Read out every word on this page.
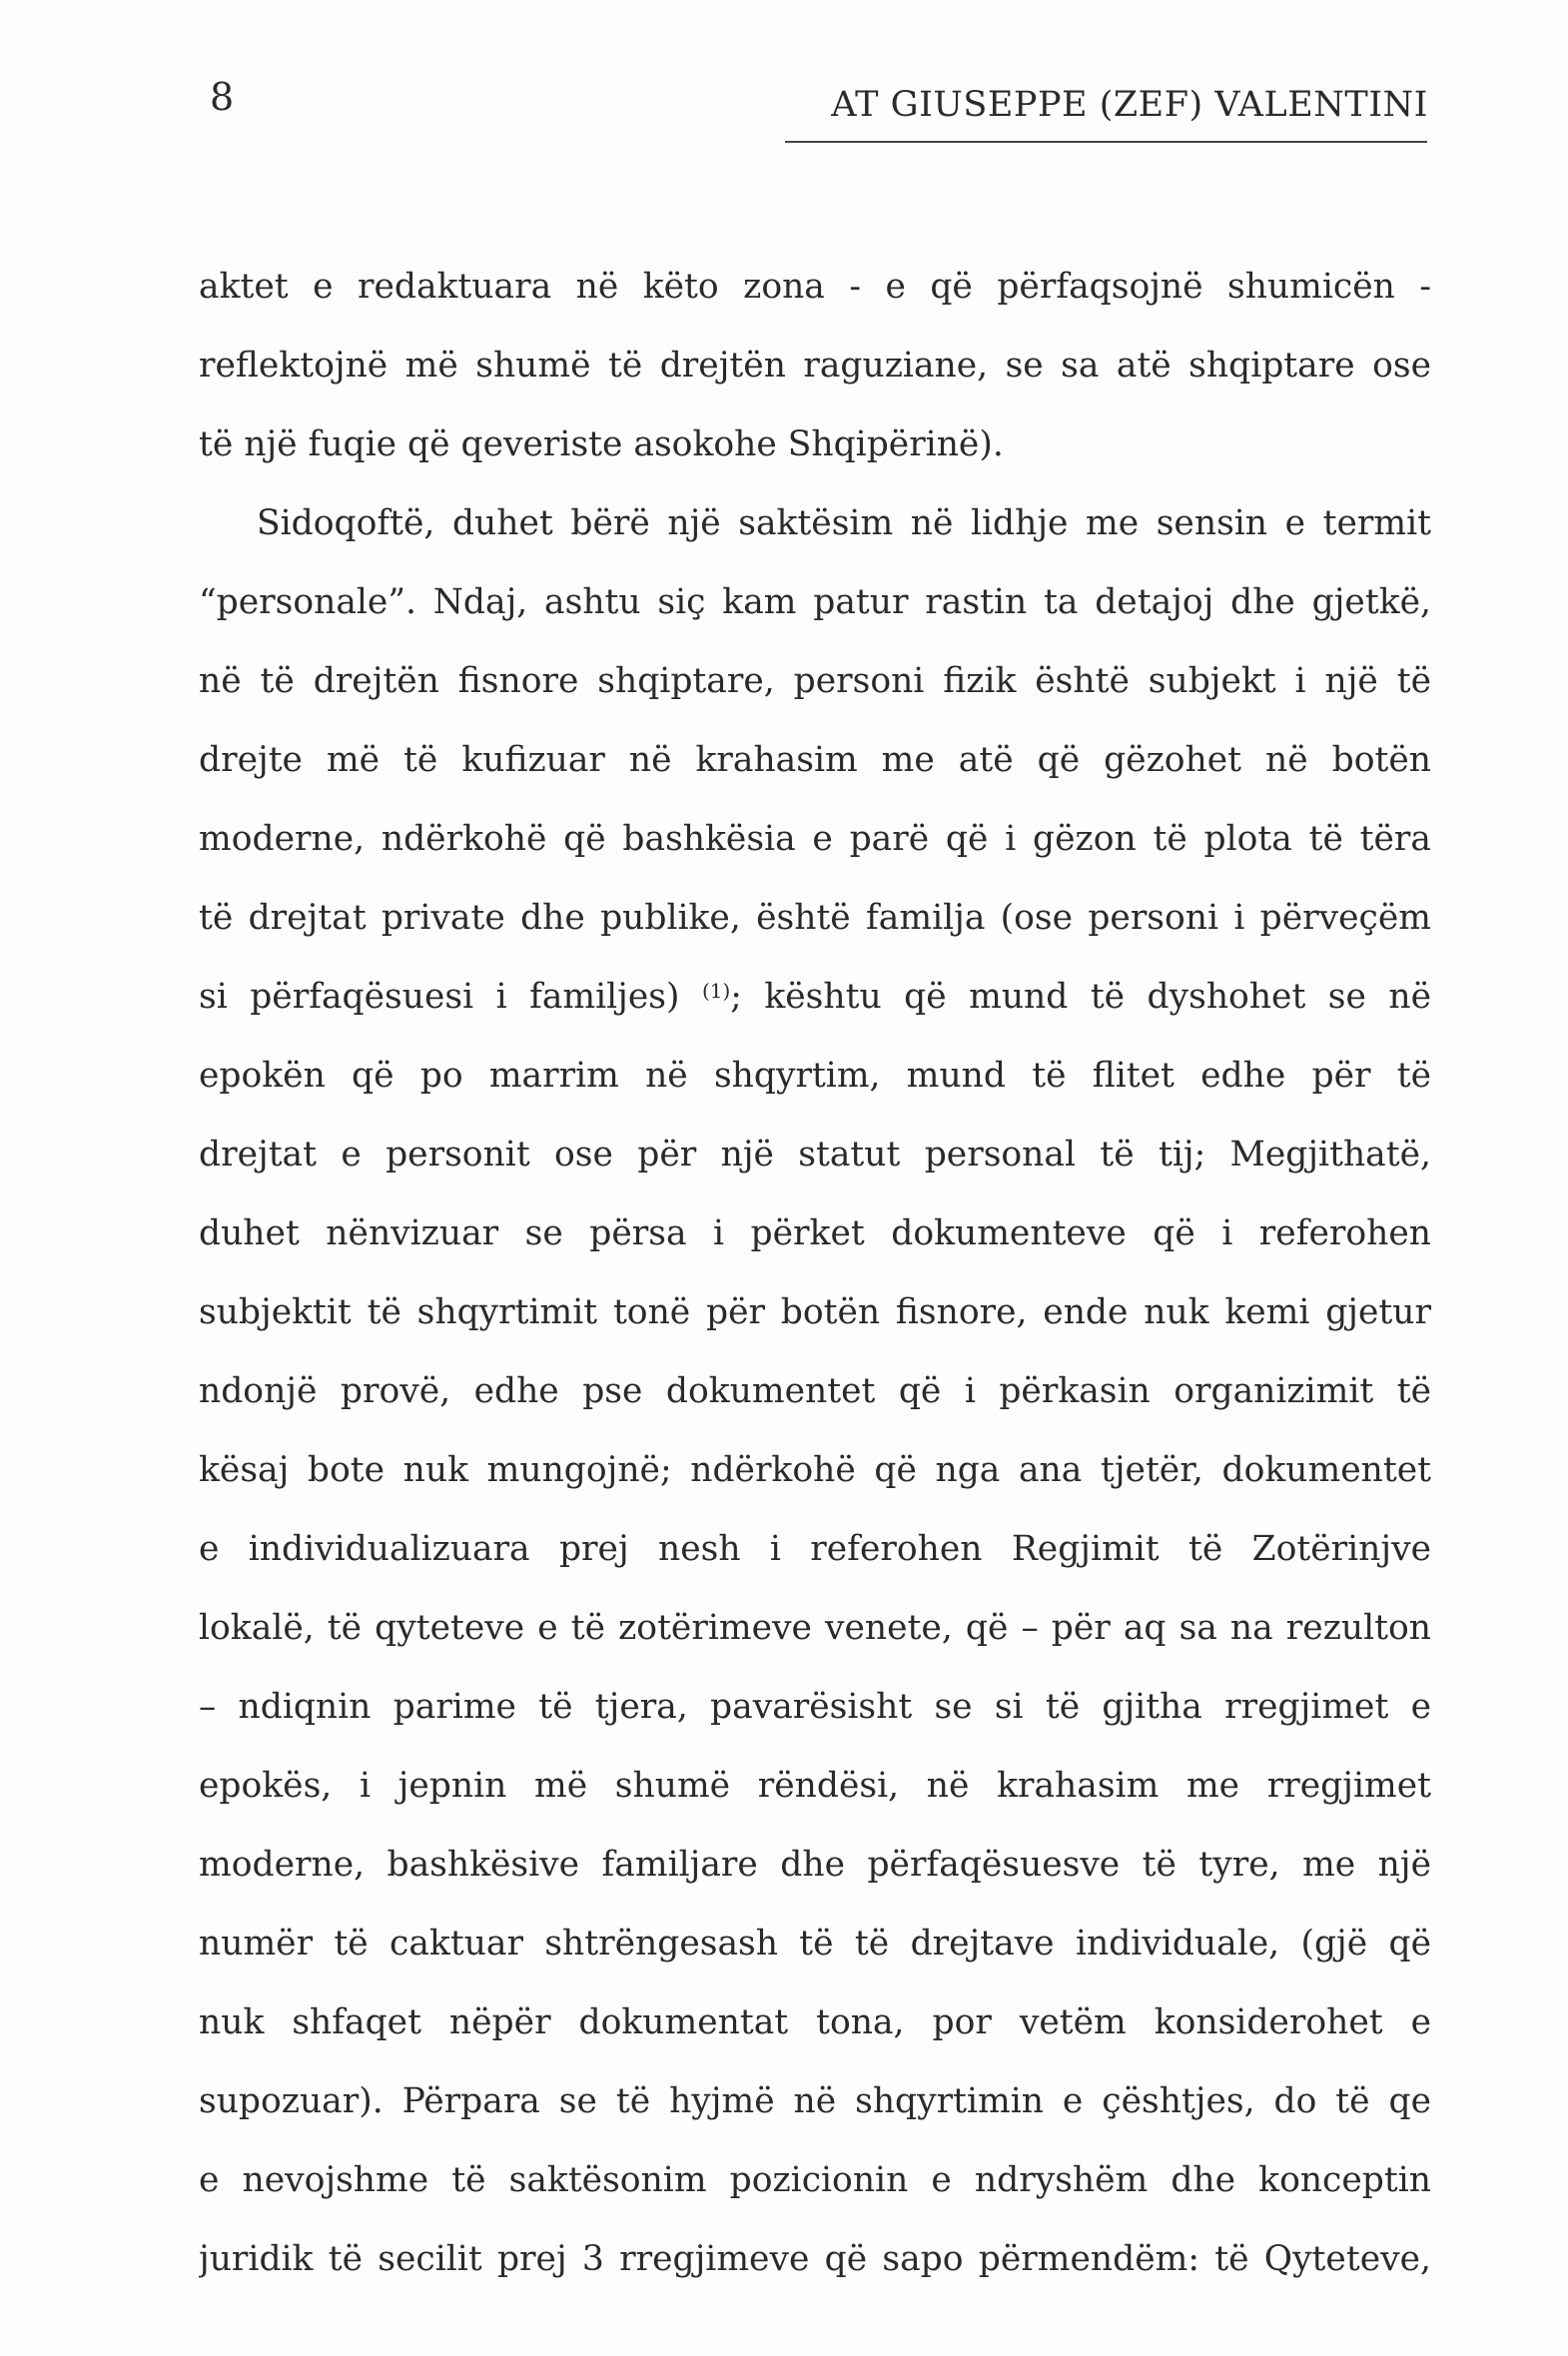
8	AT GIUSEPPE (ZEF) VALENTINI
aktet e redaktuara në këto zona - e që përfaqsojnë shumicën -
reflektojnë më shumë të drejtën raguziane, se sa atë shqiptare ose
të një fuqie që qeveriste asokohe Shqipërinë).
Sidoqoftë, duhet bërë një saktësim në lidhje me sensin e termit
“personale”. Ndaj, ashtu siç kam patur rastin ta detajoj dhe gjetkë,
në të drejtën fisnore shqiptare, personi fizik është subjekt i një të
drejte më të kufizuar në krahasim me atë që gëzohet në botën
moderne, ndërkohë që bashkësia e parë që i gëzon të plota të tëra
të drejtat private dhe publike, është familja (ose personi i përveçëm
si përfaqësuesi i familjes) $^{(1)}$; kështu që mund të dyshohet se në
epokën që po marrim në shqyrtim, mund të flitet edhe për të
drejtat e personit ose për një statut personal të tij; Megjithatë,
duhet nënvizuar se përsa i përket dokumenteve që i referohen
subjektit të shqyrtimit tonë për botën fisnore, ende nuk kemi gjetur
ndonjë provë, edhe pse dokumentet që i përkasin organizimit të
kësaj bote nuk mungojnë; ndërkohë që nga ana tjetër, dokumentet
e individualizuara prej nesh i referohen Regjimit të Zotërinjve
lokalë, të qyteteve e të zotërimeve venete, që – për aq sa na rezulton
– ndiqnin parime të tjera, pavarësisht se si të gjitha rregjimet e
epokës, i jepnin më shumë rëndësi, në krahasim me rregjimet
moderne, bashkësive familjare dhe përfaqësuesve të tyre, me një
numër të caktuar shtrëngesash të të drejtave individuale, (gjë që
nuk shfaqet nëpër dokumentat tona, por vetëm konsiderohet e
supozuar). Përpara se të hyjmë në shqyrtimin e çështjes, do të qe
e nevojshme të saktësonim pozicionin e ndryshëm dhe konceptin
juridik të secilit prej 3 rregjimeve që sapo përmendëm: të Qyteteve,
